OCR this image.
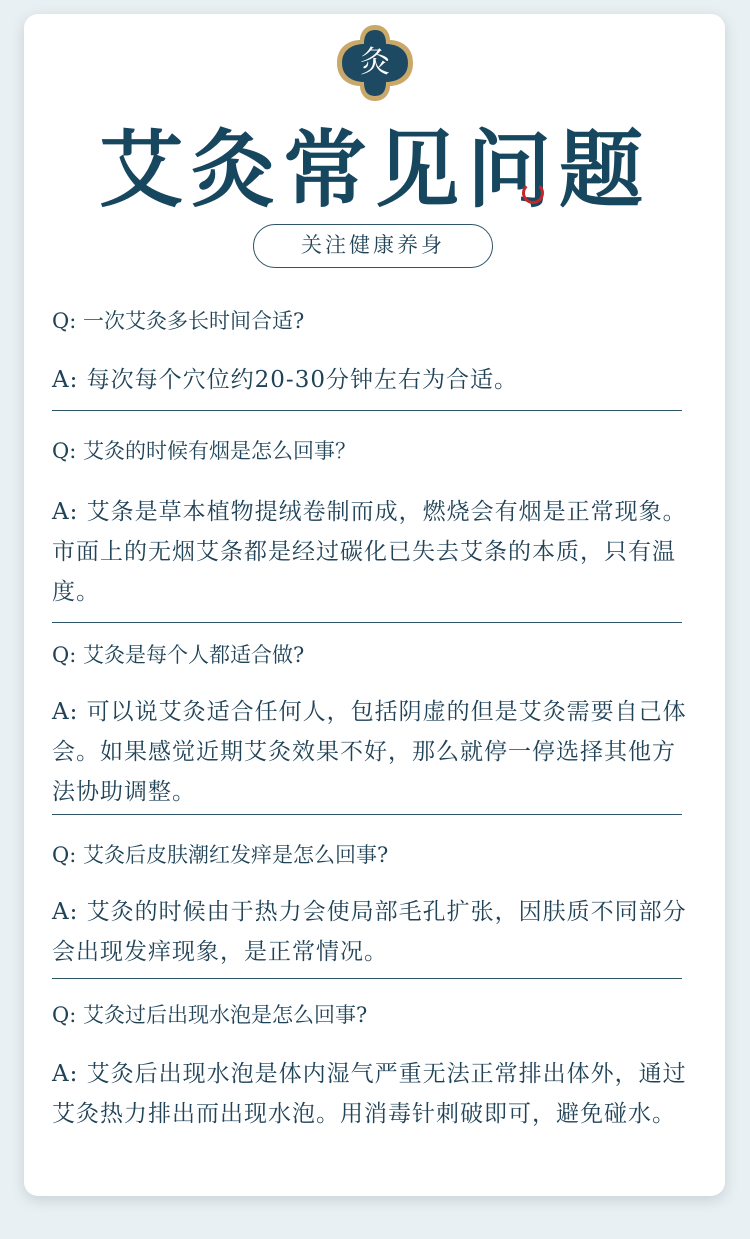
灸
艾灸常见问题
关注健康养身

Q: 一次艾灸多长时间合适?

A: 每次每个穴位约20-30分钟左右为合适。

Q: 艾灸的时候有烟是怎么回事？

A: 艾条是草本植物提绒卷制而成，燃烧会有烟是正常现象。市面上的无烟艾条都是经过碳化已失去艾条的本质，只有温度。

Q: 艾灸是每个人都适合做?

A: 可以说艾灸适合任何人，包括阴虚的但是艾灸需要自己体会。如果感觉近期艾灸效果不好，那么就停一停选择其他方法协助调整。

Q: 艾灸后皮肤潮红发痒是怎么回事?

A: 艾灸的时候由于热力会使局部毛孔扩张，因肤质不同部分会出现发痒现象，是正常情况。

Q: 艾灸过后出现水泡是怎么回事?

A: 艾灸后出现水泡是体内湿气严重无法正常排出体外，通过艾灸热力排出而出现水泡。用消毒针刺破即可，避免碰水。
